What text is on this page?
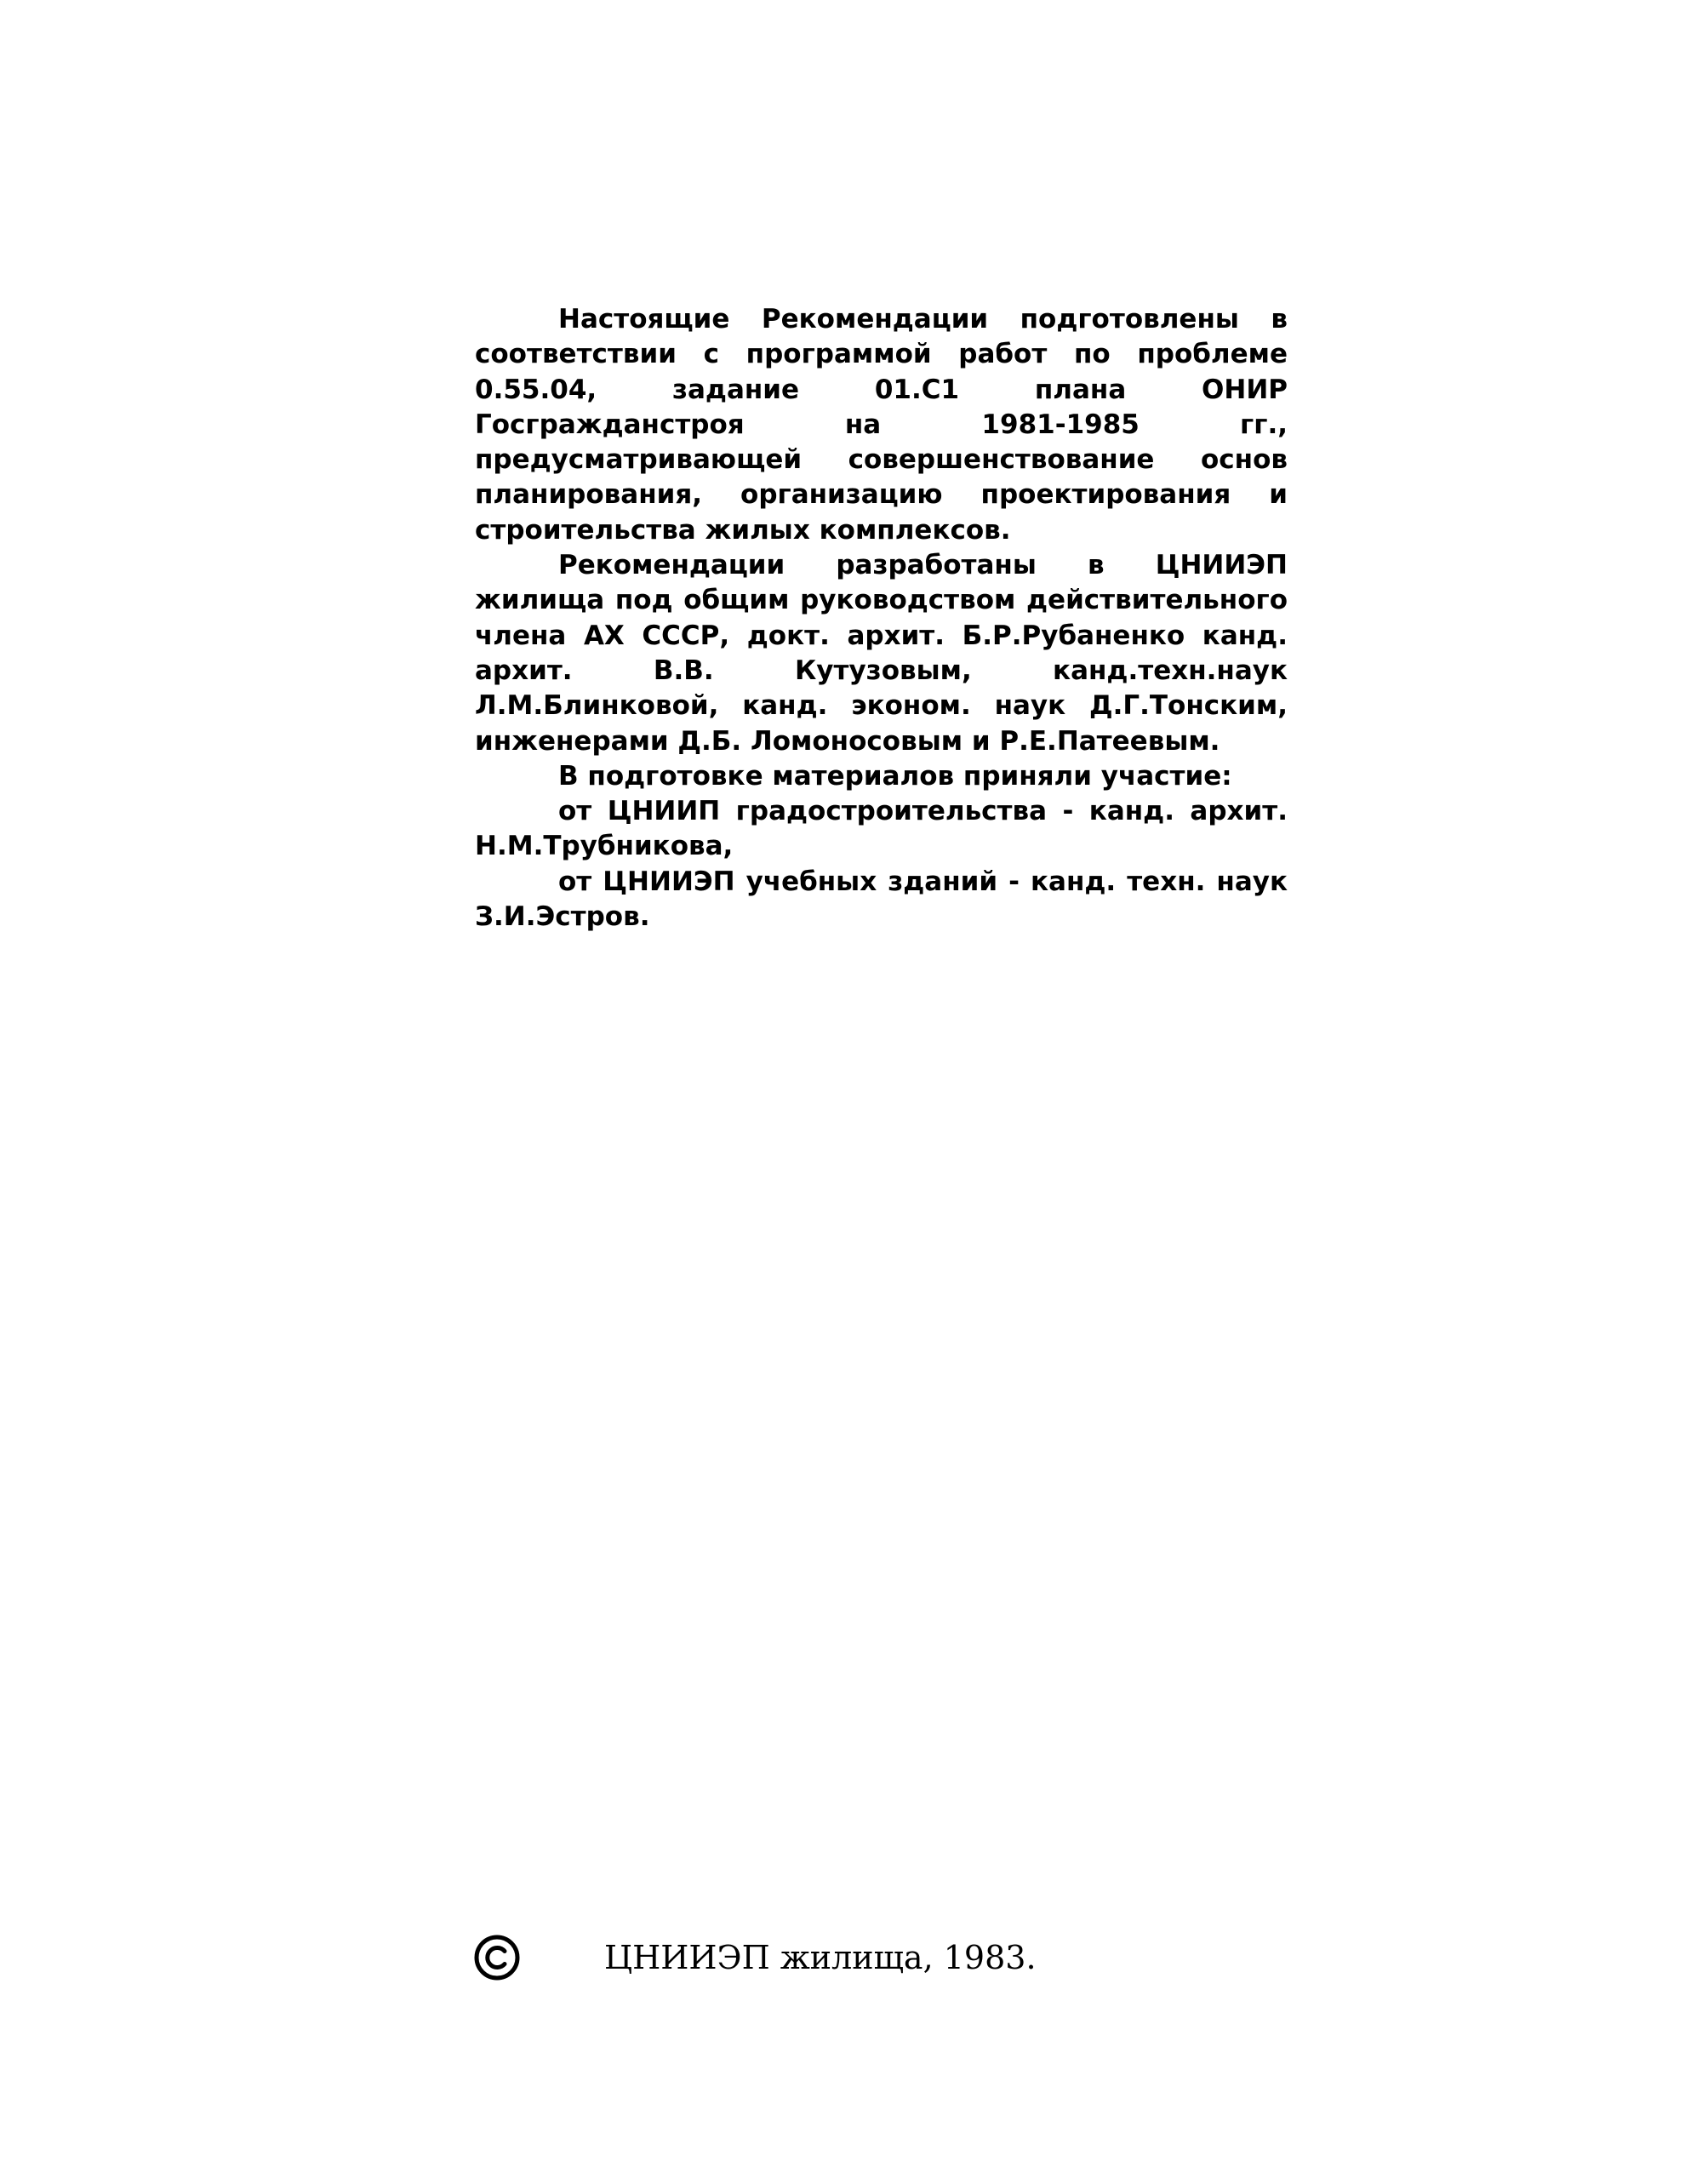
Настоящие Рекомендации подготовлены в соответствии с программой работ по проблеме 0.55.04, задание 01.С1 плана ОНИР Госгражданстроя на 1981-1985 гг., предусматривающей совершенствование основ планирования, организацию проектирования и строительства жилых комплексов.

Рекомендации разработаны в ЦНИИЭП жилища под общим руководством действительного члена АХ СССР, докт. архит. Б.Р.Рубаненко канд. архит. В.В. Кутузовым, канд.техн.наук Л.М.Блинковой, канд. эконом. наук Д.Г.Тонским, инженерами Д.Б. Ломоносовым и Р.Е.Патеевым.

В подготовке материалов приняли участие:

от ЦНИИП градостроительства - канд. архит. Н.М.Трубникова,

от ЦНИИЭП учебных зданий - канд. техн. наук З.И.Эстров.

ЦНИИЭП жилища, 1983.
